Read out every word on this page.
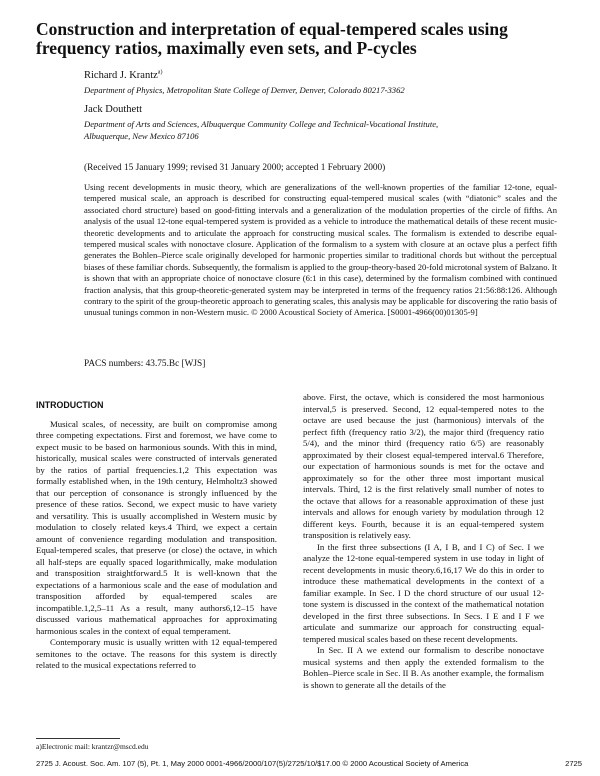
Construction and interpretation of equal-tempered scales using frequency ratios, maximally even sets, and P-cycles
Richard J. Krantz$^{a)}$
Department of Physics, Metropolitan State College of Denver, Denver, Colorado 80217-3362
Jack Douthett
Department of Arts and Sciences, Albuquerque Community College and Technical-Vocational Institute,
Albuquerque, New Mexico 87106
(Received 15 January 1999; revised 31 January 2000; accepted 1 February 2000)
Using recent developments in music theory, which are generalizations of the well-known properties of the familiar 12-tone, equal-tempered musical scale, an approach is described for constructing equal-tempered musical scales (with “diatonic” scales and the associated chord structure) based on good-fitting intervals and a generalization of the modulation properties of the circle of fifths. An analysis of the usual 12-tone equal-tempered system is provided as a vehicle to introduce the mathematical details of these recent music-theoretic developments and to articulate the approach for constructing musical scales. The formalism is extended to describe equal-tempered musical scales with nonoctave closure. Application of the formalism to a system with closure at an octave plus a perfect fifth generates the Bohlen–Pierce scale originally developed for harmonic properties similar to traditional chords but without the perceptual biases of these familiar chords. Subsequently, the formalism is applied to the group-theory-based 20-fold microtonal system of Balzano. It is shown that with an appropriate choice of nonoctave closure (6:1 in this case), determined by the formalism combined with continued fraction analysis, that this group-theoretic-generated system may be interpreted in terms of the frequency ratios 21:56:88:126. Although contrary to the spirit of the group-theoretic approach to generating scales, this analysis may be applicable for discovering the ratio basis of unusual tunings common in non-Western music. © 2000 Acoustical Society of America. [S0001-4966(00)01305-9]
PACS numbers: 43.75.Bc [WJS]
INTRODUCTION

Musical scales, of necessity, are built on compromise among three competing expectations. First and foremost, we have come to expect music to be based on harmonious sounds. With this in mind, historically, musical scales were constructed of intervals generated by the ratios of partial frequencies.1,2 This expectation was formally established when, in the 19th century, Helmholtz3 showed that our perception of consonance is strongly influenced by the presence of these ratios. Second, we expect music to have variety and versatility. This is usually accomplished in Western music by modulation to closely related keys.4 Third, we expect a certain amount of convenience regarding modulation and transposition. Equal-tempered scales, that preserve (or close) the octave, in which all half-steps are equally spaced logarithmically, make modulation and transposition straightforward.5 It is well-known that the expectations of a harmonious scale and the ease of modulation and transposition afforded by equal-tempered scales are incompatible.1,2,5–11 As a result, many authors6,12–15 have discussed various mathematical approaches for approximating harmonious scales in the context of equal temperament.

Contemporary music is usually written with 12 equal-tempered semitones to the octave. The reasons for this system is directly related to the musical expectations referred to

above. First, the octave, which is considered the most harmonious interval,5 is preserved. Second, 12 equal-tempered notes to the octave are used because the just (harmonious) intervals of the perfect fifth (frequency ratio 3/2), the major third (frequency ratio 5/4), and the minor third (frequency ratio 6/5) are reasonably approximated by their closest equal-tempered interval.6 Therefore, our expectation of harmonious sounds is met for the octave and approximately so for the other three most important musical intervals. Third, 12 is the first relatively small number of notes to the octave that allows for a reasonable approximation of these just intervals and allows for enough variety by modulation through 12 different keys. Fourth, because it is an equal-tempered system transposition is relatively easy.

In the first three subsections (I A, I B, and I C) of Sec. I we analyze the 12-tone equal-tempered system in use today in light of recent developments in music theory.6,16,17 We do this in order to introduce these mathematical developments in the context of a familiar example. In Sec. I D the chord structure of our usual 12-tone system is discussed in the context of the mathematical notation developed in the first three subsections. In Secs. I E and I F we articulate and summarize our approach for constructing equal-tempered musical scales based on these recent developments.

In Sec. II A we extend our formalism to describe nonoctave musical systems and then apply the extended formalism to the Bohlen–Pierce scale in Sec. II B. As another example, the formalism is shown to generate all the details of the

a)Electronic mail: krantzr@mscd.edu
2725 J. Acoust. Soc. Am. 107 (5), Pt. 1, May 2000 0001-4966/2000/107(5)/2725/10/$17.00 © 2000 Acoustical Society of America	2725
